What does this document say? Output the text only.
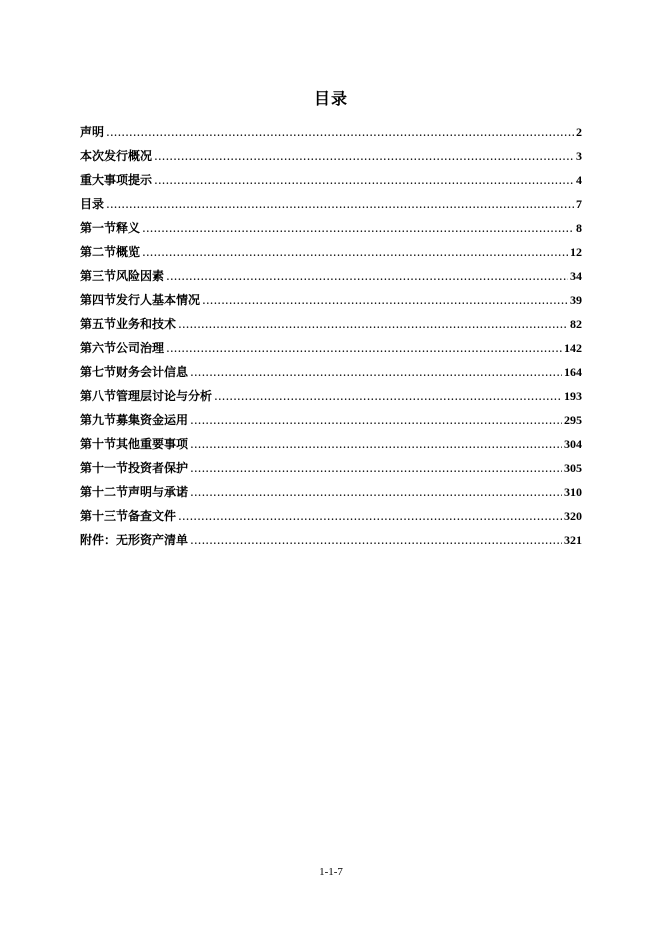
目录
声明 .....	2
本次发行概况 .....	3
重大事项提示 .....	4
目录 .....	7
第一节 释义 .....	8
第二节 概览 .....	12
第三节 风险因素 .....	34
第四节 发行人基本情况 .....	39
第五节 业务和技术 .....	82
第六节 公司治理 .....	142
第七节 财务会计信息 .....	164
第八节 管理层讨论与分析 .....	193
第九节 募集资金运用 .....	295
第十节 其他重要事项 .....	304
第十一节 投资者保护 .....	305
第十二节 声明与承诺 .....	310
第十三节 备查文件 .....	320
附件：无形资产清单 .....	321
1-1-7
